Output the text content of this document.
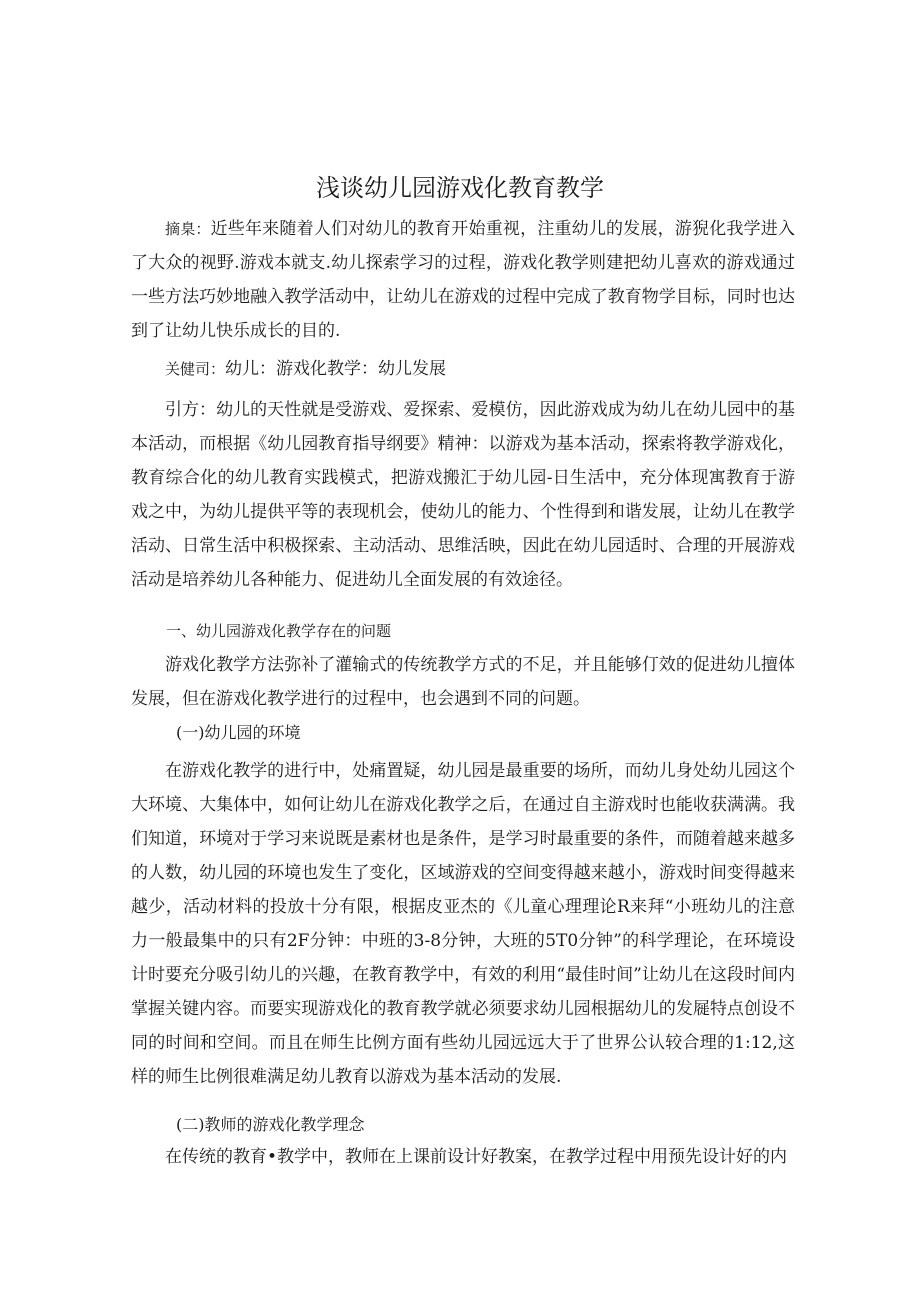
浅谈幼儿园游戏化教育教学
摘臬：近些年来随着人们对幼儿的教育开始重视，注重幼儿的发展，游猊化我学进入了大众的视野.游戏本就支.幼儿探索学习的过程，游戏化教学则建把幼儿喜欢的游戏通过一些方法巧妙地融入教学活动中，让幼儿在游戏的过程中完成了教育物学目标，同时也达到了让幼儿快乐成长的目的.
关健司：幼儿：游戏化教学：幼儿发展
引方：幼儿的天性就是受游戏、爱探索、爱模仿，因此游戏成为幼儿在幼儿园中的基本活动，而根据《幼儿园教育指导纲要》精神：以游戏为基本活动，探索将教学游戏化，教育综合化的幼儿教育实践模式，把游戏搬汇于幼儿园-日生活中，充分体现寓教育于游戏之中，为幼儿提供平等的表现机会，使幼儿的能力、个性得到和谐发展，让幼儿在教学活动、日常生活中积极探索、主动活动、思维活映，因此在幼儿园适时、合理的开展游戏活动是培养幼儿各种能力、促进幼儿全面发展的有效途径。
一、幼儿园游戏化教学存在的问题
游戏化教学方法弥补了灌输式的传统教学方式的不足，并且能够仃效的促进幼儿擅体发展，但在游戏化教学进行的过程中，也会遇到不同的问题。
(一)幼儿园的环境
在游戏化教学的进行中，处痛置疑，幼儿园是最重要的场所，而幼儿身处幼儿园这个大环境、大集体中，如何让幼儿在游戏化教学之后，在通过自主游戏时也能收获满满。我们知道，环境对于学习来说既是素材也是条件，是学习时最重要的条件，而随着越来越多的人数，幼儿园的环境也发生了变化，区域游戏的空间变得越来越小，游戏时间变得越来越少，活动材料的投放十分有限，根据皮亚杰的《儿童心理理论R来拜“小班幼儿的注意力一般最集中的只有2F分钟：中班的3-8分钟，大班的5T0分钟”的科学理论，在环境设计时要充分吸引幼儿的兴趣，在教育教学中，有效的利用“最佳时间”让幼儿在这段时间内掌握关键内容。而要实现游戏化的教育教学就必须要求幼儿园根据幼儿的发屣特点创设不同的时间和空间。而且在师生比例方面有些幼儿园远远大于了世界公认较合理的1:12,这样的师生比例很难满足幼儿教育以游戏为基本活动的发展.
(二)教师的游戏化教学理念
在传统的教育•教学中，教师在上课前设计好教案，在教学过程中用预先设计好的内
